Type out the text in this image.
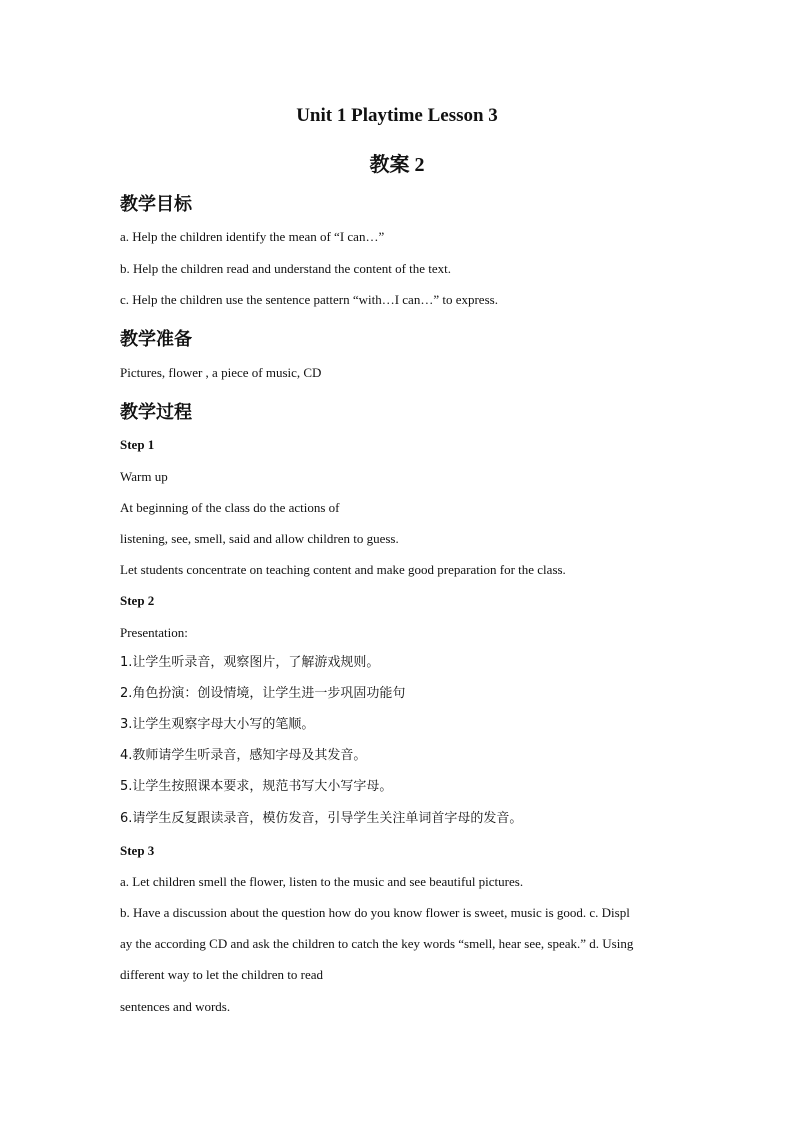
Unit 1 Playtime Lesson 3
教案 2
教学目标

a. Help the children identify the mean of “I can…”

b. Help the children read and understand the content of the text.

c. Help the children use the sentence pattern “with…I can…” to express.

教学准备

Pictures, flower , a piece of music, CD

教学过程

Step 1

Warm up

At beginning of the class do the actions of

listening, see, smell, said and allow children to guess.

Let students concentrate on teaching content and make good preparation for the class.

Step 2

Presentation:

1.让学生听录音，观察图片，了解游戏规则。

2.角色扮演：创设情境，让学生进一步巩固功能句

3.让学生观察字母大小写的笔顺。

4.教师请学生听录音，感知字母及其发音。

5.让学生按照课本要求，规范书写大小写字母。

6.请学生反复跟读录音，模仿发音，引导学生关注单词首字母的发音。

Step 3

a. Let children smell the flower, listen to the music and see beautiful pictures.

b. Have a discussion about the question how do you know flower is sweet, music is good. c. Displ

ay the according CD and ask the children to catch the key words “smell, hear see, speak.” d. Using

different way to let the children to read

sentences and words.
